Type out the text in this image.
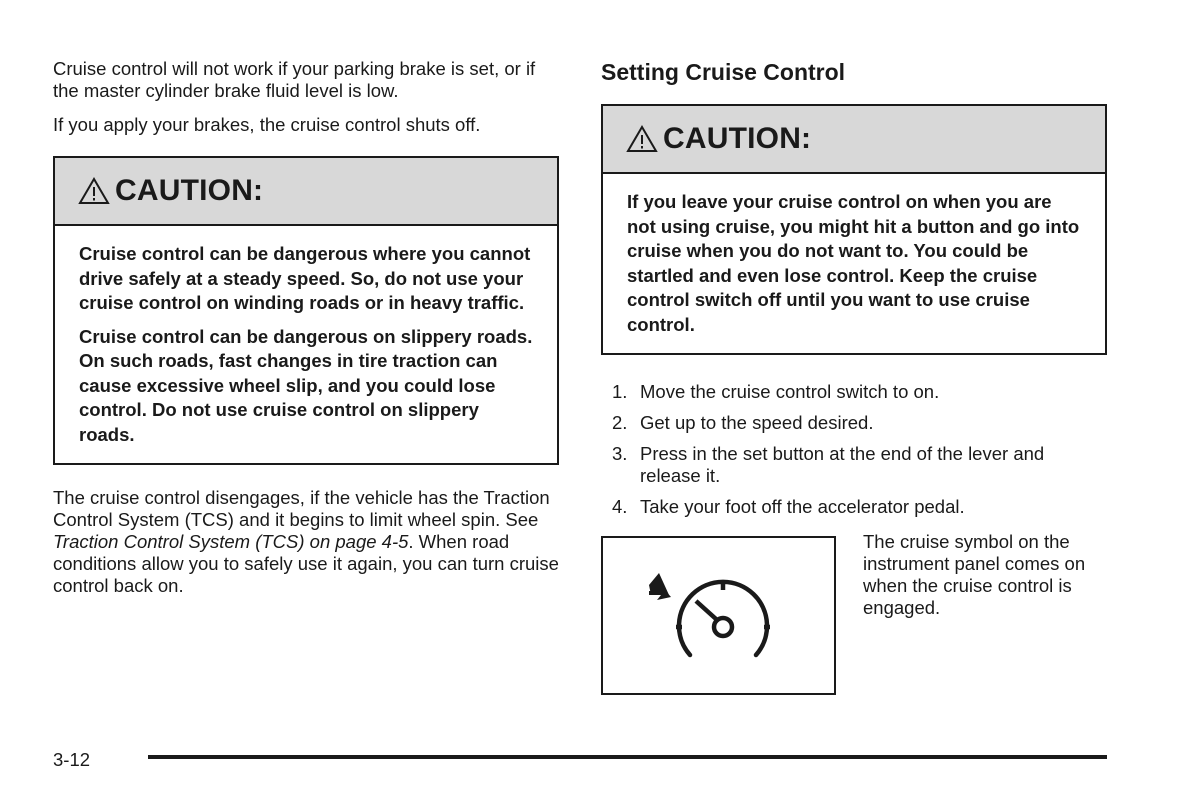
Cruise control will not work if your parking brake is set, or if the master cylinder brake fluid level is low.

If you apply your brakes, the cruise control shuts off.

CAUTION:

Cruise control can be dangerous where you cannot drive safely at a steady speed. So, do not use your cruise control on winding roads or in heavy traffic.

Cruise control can be dangerous on slippery roads. On such roads, fast changes in tire traction can cause excessive wheel slip, and you could lose control. Do not use cruise control on slippery roads.

The cruise control disengages, if the vehicle has the Traction Control System (TCS) and it begins to limit wheel spin. See Traction Control System (TCS) on page 4-5. When road conditions allow you to safely use it again, you can turn cruise control back on.

Setting Cruise Control
CAUTION:

If you leave your cruise control on when you are not using cruise, you might hit a button and go into cruise when you do not want to. You could be startled and even lose control. Keep the cruise control switch off until you want to use cruise control.

1. Move the cruise control switch to on.
2. Get up to the speed desired.
3. Press in the set button at the end of the lever and release it.
4. Take your foot off the accelerator pedal.
The cruise symbol on the instrument panel comes on when the cruise control is engaged.
3-12
